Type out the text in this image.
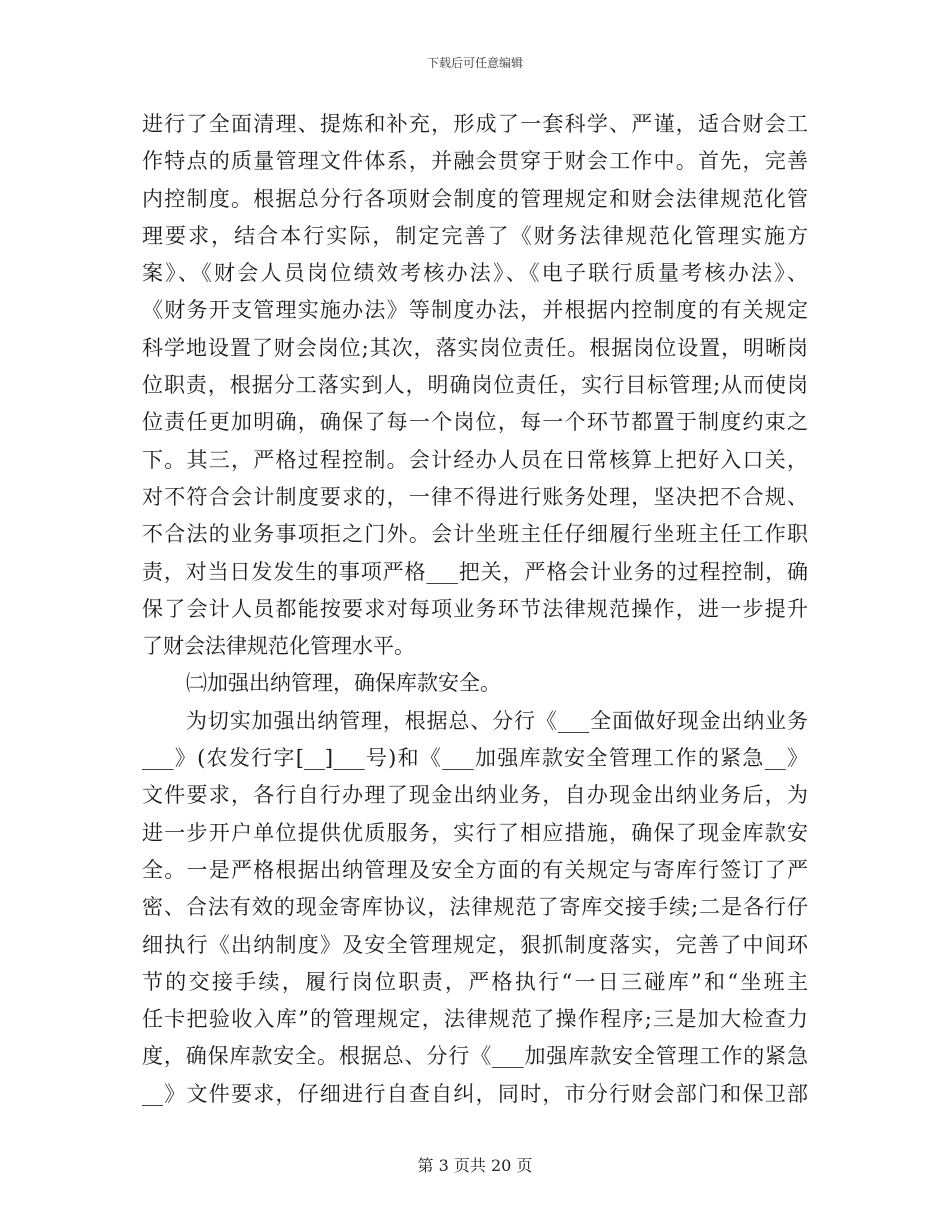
下载后可任意编辑
进行了全面清理、提炼和补充，形成了一套科学、严谨，适合财会工
作特点的质量管理文件体系，并融会贯穿于财会工作中。首先，完善
内控制度。根据总分行各项财会制度的管理规定和财会法律规范化管
理要求，结合本行实际，制定完善了《财务法律规范化管理实施方
案》、《财会人员岗位绩效考核办法》、《电子联行质量考核办法》、
《财务开支管理实施办法》等制度办法，并根据内控制度的有关规定
科学地设置了财会岗位;其次，落实岗位责任。根据岗位设置，明晰岗
位职责，根据分工落实到人，明确岗位责任，实行目标管理;从而使岗
位责任更加明确，确保了每一个岗位，每一个环节都置于制度约束之
下。其三，严格过程控制。会计经办人员在日常核算上把好入口关，
对不符合会计制度要求的，一律不得进行账务处理，坚决把不合规、
不合法的业务事项拒之门外。会计坐班主任仔细履行坐班主任工作职
责，对当日发发生的事项严格___把关，严格会计业务的过程控制，确
保了会计人员都能按要求对每项业务环节法律规范操作，进一步提升
了财会法律规范化管理水平。
㈡加强出纳管理，确保库款安全。
为切实加强出纳管理，根据总、分行《___全面做好现金出纳业务
___》(农发行字[__]___号)和《___加强库款安全管理工作的紧急__》
文件要求，各行自行办理了现金出纳业务，自办现金出纳业务后，为
进一步开户单位提供优质服务，实行了相应措施，确保了现金库款安
全。一是严格根据出纳管理及安全方面的有关规定与寄库行签订了严
密、合法有效的现金寄库协议，法律规范了寄库交接手续;二是各行仔
细执行《出纳制度》及安全管理规定，狠抓制度落实，完善了中间环
节的交接手续，履行岗位职责，严格执行“一日三碰库”和“坐班主
任卡把验收入库”的管理规定，法律规范了操作程序;三是加大检查力
度，确保库款安全。根据总、分行《___加强库款安全管理工作的紧急
__》文件要求，仔细进行自查自纠，同时，市分行财会部门和保卫部
第 3 页共 20 页
